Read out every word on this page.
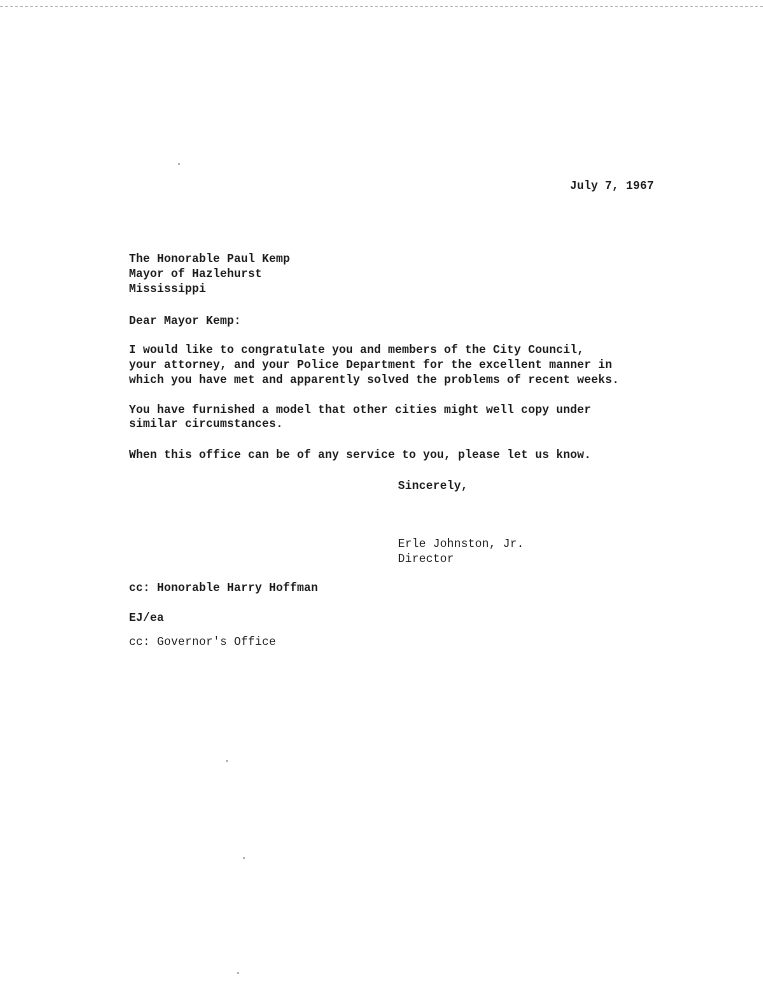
July 7, 1967
The Honorable Paul Kemp
Mayor of Hazlehurst
Mississippi
Dear Mayor Kemp:
I would like to congratulate you and members of the City Council,
your attorney, and your Police Department for the excellent manner in
which you have met and apparently solved the problems of recent weeks.
You have furnished a model that other cities might well copy under
similar circumstances.
When this office can be of any service to you, please let us know.
Sincerely,
Erle Johnston, Jr.
Director
cc: Honorable Harry Hoffman
EJ/ea
cc: Governor's Office
